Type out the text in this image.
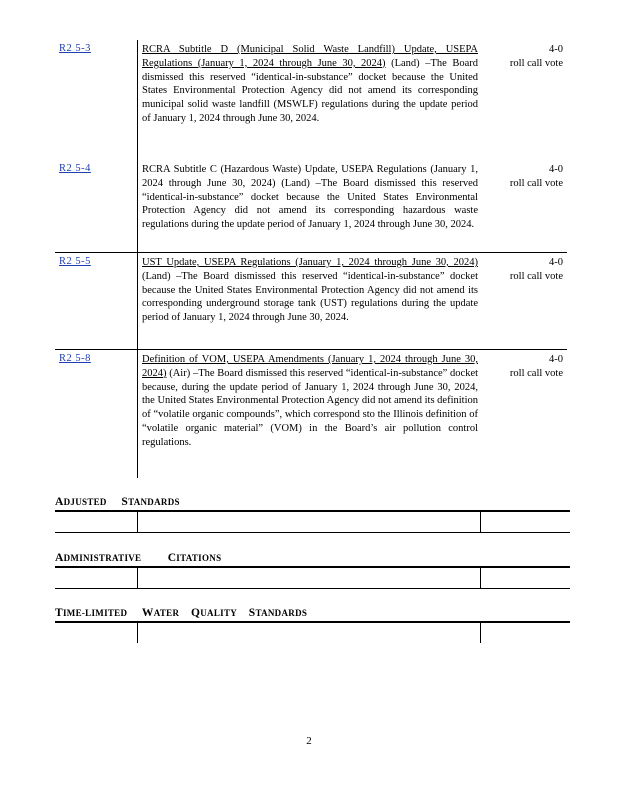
R2 5-3	RCRA Subtitle D (Municipal Solid Waste Landfill) Update, USEPA Regulations (January 1, 2024 through June 30, 2024) (Land) –The Board dismissed this reserved “identical-in-substance” docket because the United States Environmental Protection Agency did not amend its corresponding municipal solid waste landfill (MSWLF) regulations during the update period of January 1, 2024 through June 30, 2024.
4-0
roll call vote
R2 5-4	RCRA Subtitle C (Hazardous Waste) Update, USEPA Regulations (January 1, 2024 through June 30, 2024) (Land) –The Board dismissed this reserved “identical-in-substance” docket because the United States Environmental Protection Agency did not amend its corresponding hazardous waste regulations during the update period of January 1, 2024 through June 30, 2024.
4-0
roll call vote
R2 5-5	UST Update, USEPA Regulations (January 1, 2024 through June 30, 2024) (Land) –The Board dismissed this reserved “identical-in-substance” docket because the United States Environmental Protection Agency did not amend its corresponding underground storage tank (UST) regulations during the update period of January 1, 2024 through June 30, 2024.
4-0
roll call vote
R2 5-8	Definition of VOM, USEPA Amendments (January 1, 2024 through June 30, 2024) (Air) –The Board dismissed this reserved “identical-in-substance” docket because, during the update period of January 1, 2024 through June 30, 2024, the United States Environmental Protection Agency did not amend its definition of “volatile organic compounds”, which correspond sto the Illinois definition of “volatile organic material” (VOM) in the Board’s air pollution control regulations.
4-0
roll call vote
ADJUSTED STANDARDS
ADMINISTRATIVE CITATIONS
TIME-LIMITED WATER QUALITY STANDARDS
2
